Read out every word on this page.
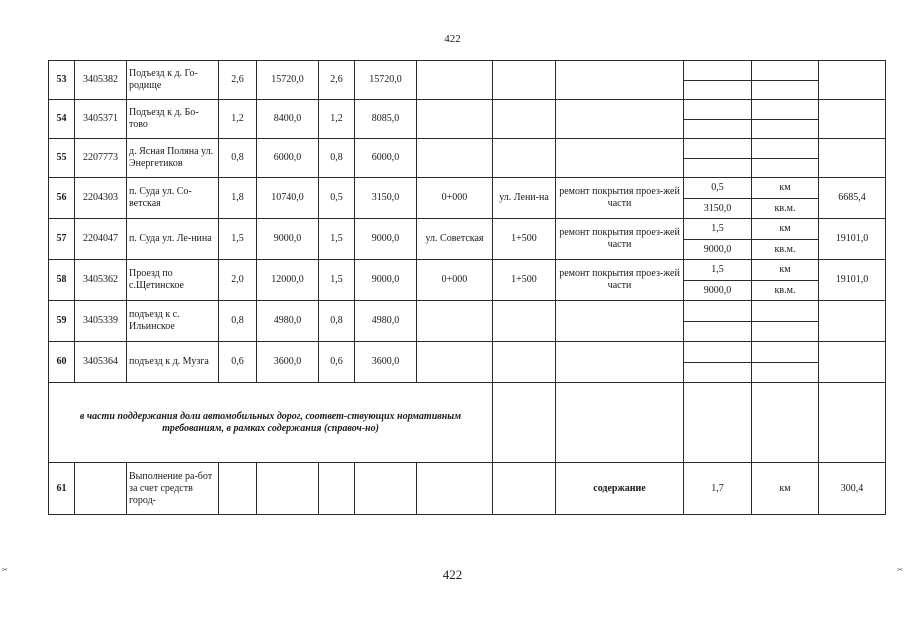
422
53	3405382	Подъезд к д. Го-родище	2,6	15720,0	2,6	15720,0						

54	3405371	Подъезд к д. Бо-тово	1,2	8400,0	1,2	8085,0						

55	2207773	д. Ясная Поляна ул. Энергетиков	0,8	6000,0	0,8	6000,0						

56	2204303	п. Суда ул. Со-ветская	1,8	10740,0	0,5	3150,0	0+000	ул. Лени-на	ремонт покрытия проез-жей части	0,5	км	6685,4
										3150,0	кв.м.	
57	2204047	п. Суда ул. Ле-нина	1,5	9000,0	1,5	9000,0	ул. Советская	1+500	ремонт покрытия проез-жей части	1,5	км	19101,0
										9000,0	кв.м.	
58	3405362	Проезд по с.Щетинское	2,0	12000,0	1,5	9000,0	0+000	1+500	ремонт покрытия проез-жей части	1,5	км	19101,0
										9000,0	кв.м.	
59	3405339	подъезд к с. Ильинское	0,8	4980,0	0,8	4980,0						

60	3405364	подъезд к д. Музга	0,6	3600,0	0,6	3600,0						

в части поддержания доли автомобильных дорог, соответ-ствующих нормативным требованиям, в рамках содержания (справоч-но)												
61		Выполнение ра-бот за счет средств город-							содержание	1,7	км	300,4
422
✂	✂
